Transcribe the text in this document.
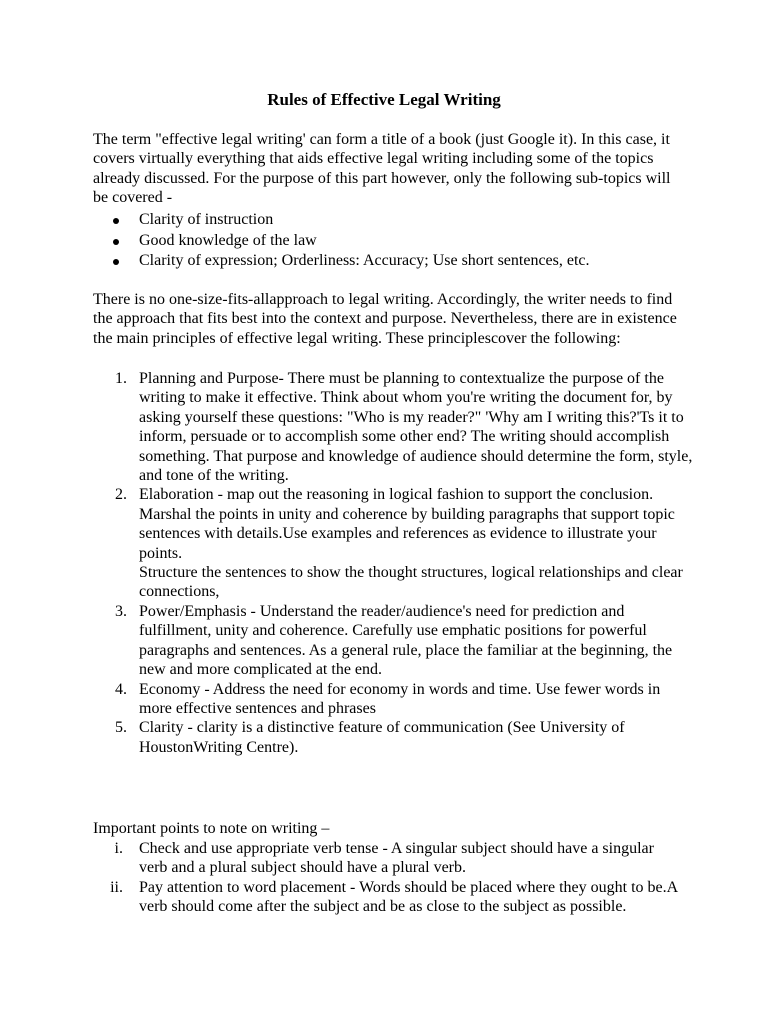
Rules of Effective Legal Writing

The term "effective legal writing' can form a title of a book (just Google it). In this case, it covers virtually everything that aids effective legal writing including some of the topics already discussed. For the purpose of this part however, only the following sub-topics will be covered -

Clarity of instruction
Good knowledge of the law
Clarity of expression; Orderliness: Accuracy; Use short sentences, etc.

There is no one-size-fits-allapproach to legal writing. Accordingly, the writer needs to find the approach that fits best into the context and purpose. Nevertheless, there are in existence the main principles of effective legal writing. These principlescover the following:

1. Planning and Purpose- There must be planning to contextualize the purpose of the writing to make it effective. Think about whom you're writing the document for, by asking yourself these questions: "Who is my reader?" 'Why am I writing this?'Ts it to inform, persuade or to accomplish some other end? The writing should accomplish something. That purpose and knowledge of audience should determine the form, style, and tone of the writing.

2. Elaboration - map out the reasoning in logical fashion to support the conclusion.

Marshal the points in unity and coherence by building paragraphs that support topic sentences with details.Use examples and references as evidence to illustrate your points.

Structure the sentences to show the thought structures, logical relationships and clear connections,

3. Power/Emphasis - Understand the reader/audience's need for prediction and fulfillment, unity and coherence. Carefully use emphatic positions for powerful paragraphs and sentences. As a general rule, place the familiar at the beginning, the new and more complicated at the end.

4. Economy - Address the need for economy in words and time. Use fewer words in more effective sentences and phrases

5. Clarity - clarity is a distinctive feature of communication (See University of HoustonWriting Centre).

Important points to note on writing –

i. Check and use appropriate verb tense - A singular subject should have a singular verb and a plural subject should have a plural verb.
ii. Pay attention to word placement - Words should be placed where they ought to be.A verb should come after the subject and be as close to the subject as possible.
